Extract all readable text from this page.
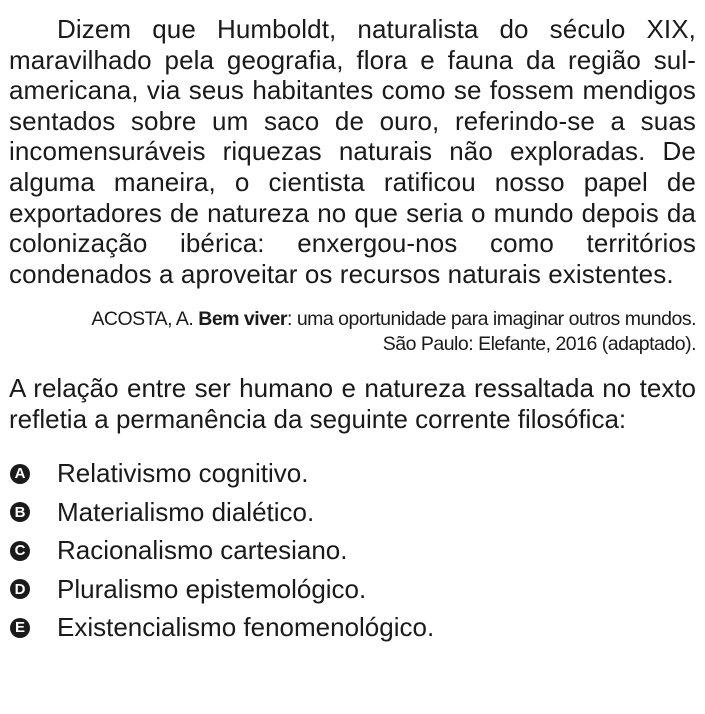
Dizem que Humboldt, naturalista do século XIX, maravilhado pela geografia, flora e fauna da região sul-americana, via seus habitantes como se fossem mendigos sentados sobre um saco de ouro, referindo-se a suas incomensuráveis riquezas naturais não exploradas. De alguma maneira, o cientista ratificou nosso papel de exportadores de natureza no que seria o mundo depois da colonização ibérica: enxergou-nos como territórios condenados a aproveitar os recursos naturais existentes.

ACOSTA, A. Bem viver: uma oportunidade para imaginar outros mundos.
São Paulo: Elefante, 2016 (adaptado).

A relação entre ser humano e natureza ressaltada no texto refletia a permanência da seguinte corrente filosófica:

A Relativismo cognitivo.
B Materialismo dialético.
C Racionalismo cartesiano.
D Pluralismo epistemológico.
E Existencialismo fenomenológico.
